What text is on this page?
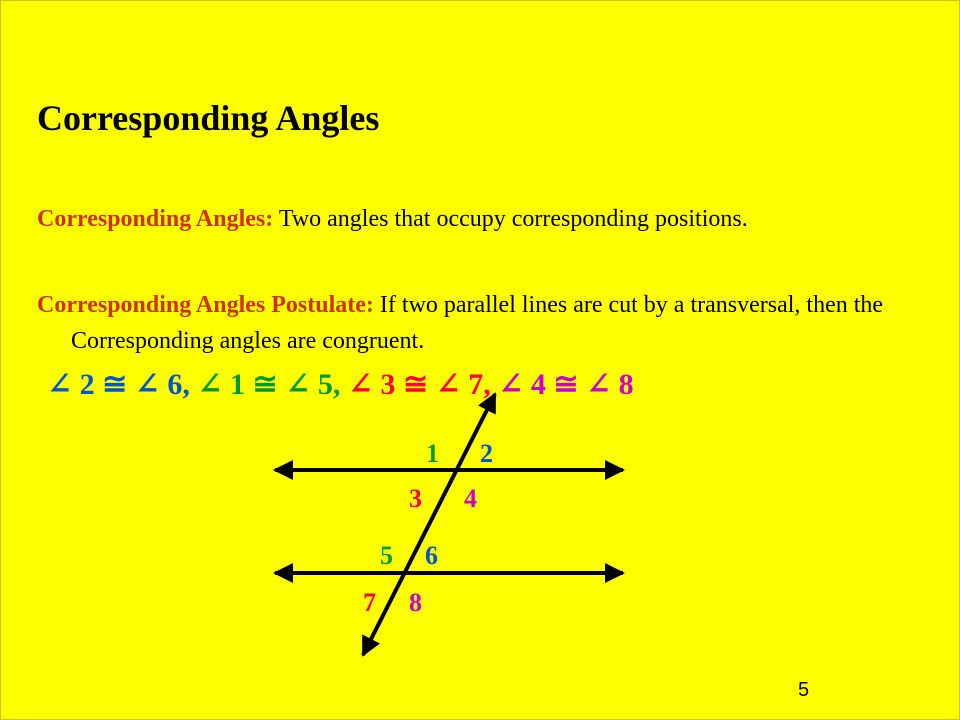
Corresponding Angles

Corresponding Angles: Two angles that occupy corresponding positions.

Corresponding Angles Postulate: If two parallel lines are cut by a transversal, then the Corresponding angles are congruent.

∠ 2 ≅ ∠ 6, ∠ 1 ≅ ∠ 5, ∠ 3 ≅ ∠ 7, ∠ 4 ≅ ∠ 8
1 2
3 4
5 6
7 8
5
